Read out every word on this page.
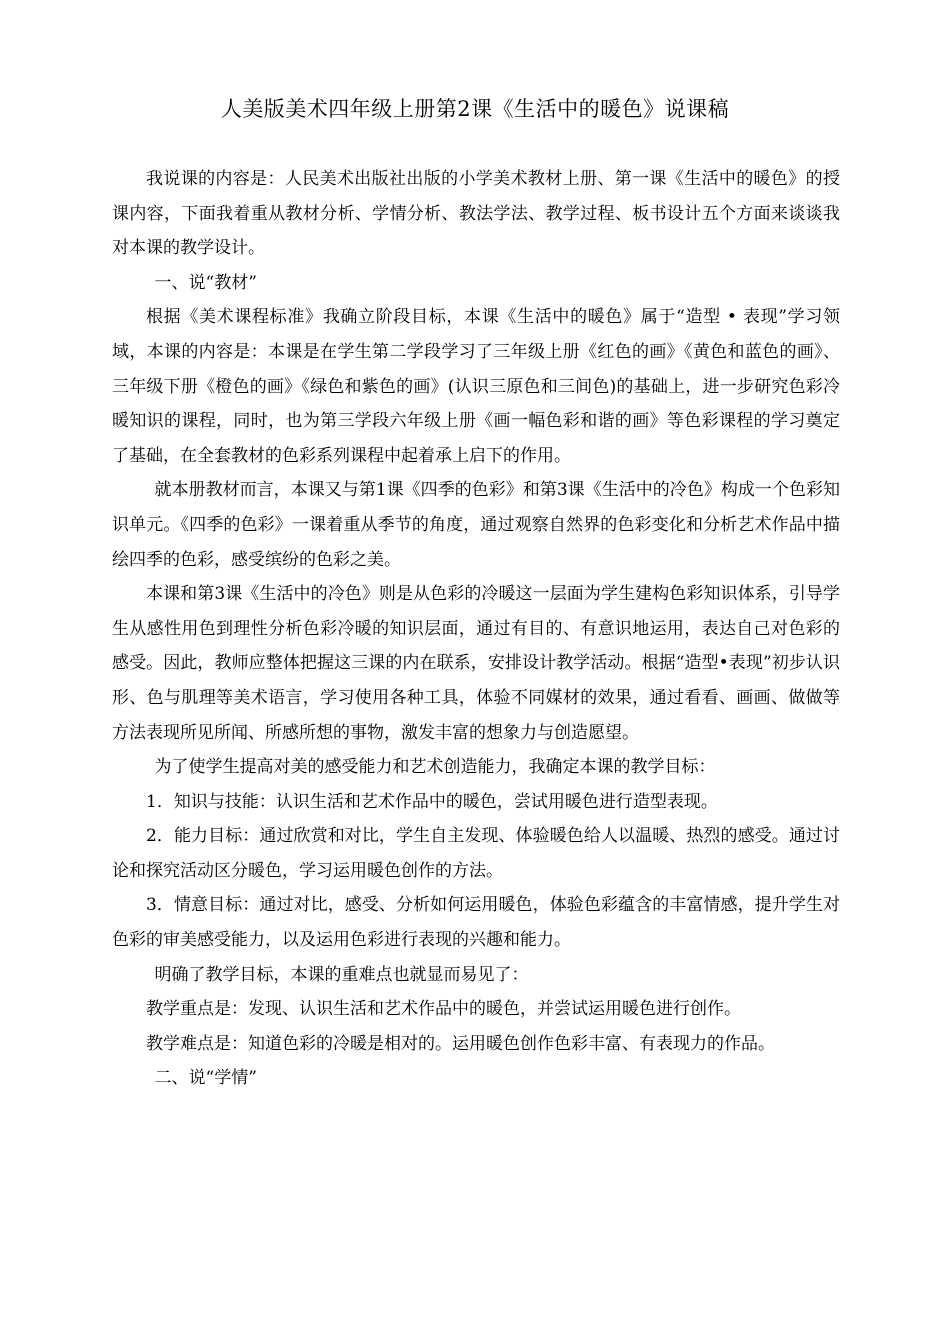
人美版美术四年级上册第2课《生活中的暖色》说课稿

我说课的内容是：人民美术出版社出版的小学美术教材上册、第一课《生活中的暖色》的授课内容，下面我着重从教材分析、学情分析、教法学法、教学过程、板书设计五个方面来谈谈我对本课的教学设计。

一、说“教材”

根据《美术课程标准》我确立阶段目标，本课《生活中的暖色》属于“造型 • 表现”学习领域，本课的内容是：本课是在学生第二学段学习了三年级上册《红色的画》《黄色和蓝色的画》、三年级下册《橙色的画》《绿色和紫色的画》(认识三原色和三间色)的基础上，进一步研究色彩冷暖知识的课程，同时，也为第三学段六年级上册《画一幅色彩和谐的画》等色彩课程的学习奠定了基础，在全套教材的色彩系列课程中起着承上启下的作用。

就本册教材而言，本课又与第1课《四季的色彩》和第3课《生活中的冷色》构成一个色彩知识单元。《四季的色彩》一课着重从季节的角度，通过观察自然界的色彩变化和分析艺术作品中描绘四季的色彩，感受缤纷的色彩之美。

本课和第3课《生活中的冷色》则是从色彩的冷暖这一层面为学生建构色彩知识体系，引导学生从感性用色到理性分析色彩冷暖的知识层面，通过有目的、有意识地运用，表达自己对色彩的感受。因此，教师应整体把握这三课的内在联系，安排设计教学活动。根据“造型•表现”初步认识形、色与肌理等美术语言，学习使用各种工具，体验不同媒材的效果，通过看看、画画、做做等方法表现所见所闻、所感所想的事物，激发丰富的想象力与创造愿望。

为了使学生提高对美的感受能力和艺术创造能力，我确定本课的教学目标：

1．知识与技能：认识生活和艺术作品中的暖色，尝试用暖色进行造型表现。

2．能力目标：通过欣赏和对比，学生自主发现、体验暖色给人以温暖、热烈的感受。通过讨论和探究活动区分暖色，学习运用暖色创作的方法。

3．情意目标：通过对比，感受、分析如何运用暖色，体验色彩蕴含的丰富情感，提升学生对色彩的审美感受能力，以及运用色彩进行表现的兴趣和能力。

明确了教学目标，本课的重难点也就显而易见了：

教学重点是：发现、认识生活和艺术作品中的暖色，并尝试运用暖色进行创作。

教学难点是：知道色彩的冷暖是相对的。运用暖色创作色彩丰富、有表现力的作品。

二、说“学情”
